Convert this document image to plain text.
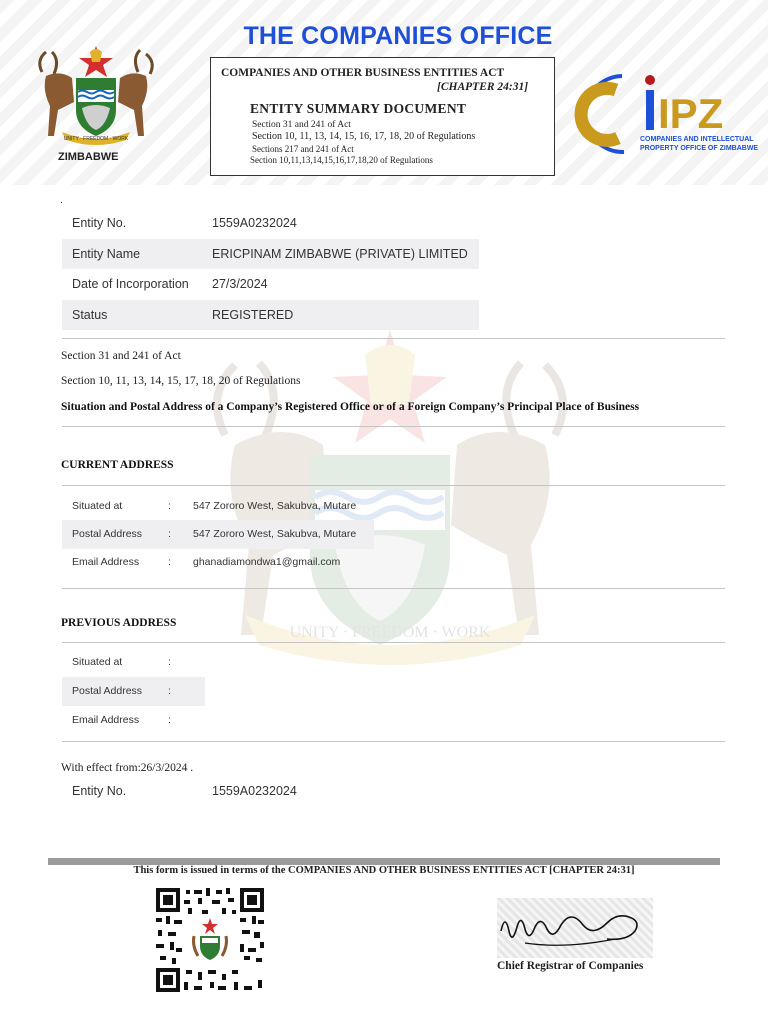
THE COMPANIES OFFICE
UNITY · FREEDOM · WORK
ZIMBABWE
COMPANIES AND OTHER BUSINESS ENTITIES ACT
[CHAPTER 24:31]
ENTITY SUMMARY DOCUMENT
Section 31 and 241 of Act
Section 10, 11, 13, 14, 15, 16, 17, 18, 20 of Regulations
Sections 217 and 241 of Act
Section 10,11,13,14,15,16,17,18,20 of Regulations
IPZ
COMPANIES AND INTELLECTUAL
PROPERTY OFFICE OF ZIMBABWE
UNITY · FREEDOM · WORK
.
Entity No.	1559A0232024
Entity Name	ERICPINAM ZIMBABWE (PRIVATE) LIMITED
Date of Incorporation 27/3/2024
Status	REGISTERED
Section 31 and 241 of Act
Section 10, 11, 13, 14, 15, 17, 18, 20 of Regulations
Situation and Postal Address of a Company’s Registered Office or of a Foreign Company’s Principal Place of Business
CURRENT ADDRESS
Situated at	: 547 Zororo West, Sakubva, Mutare
Postal Address : 547 Zororo West, Sakubva, Mutare
Email Address	: ghanadiamondwa1@gmail.com
PREVIOUS ADDRESS
Situated at	:
Postal Address :
Email Address	:
With effect from:26/3/2024 .
Entity No.	1559A0232024
This form is issued in terms of the COMPANIES AND OTHER BUSINESS ENTITIES ACT [CHAPTER 24:31]
Chief Registrar of Companies
